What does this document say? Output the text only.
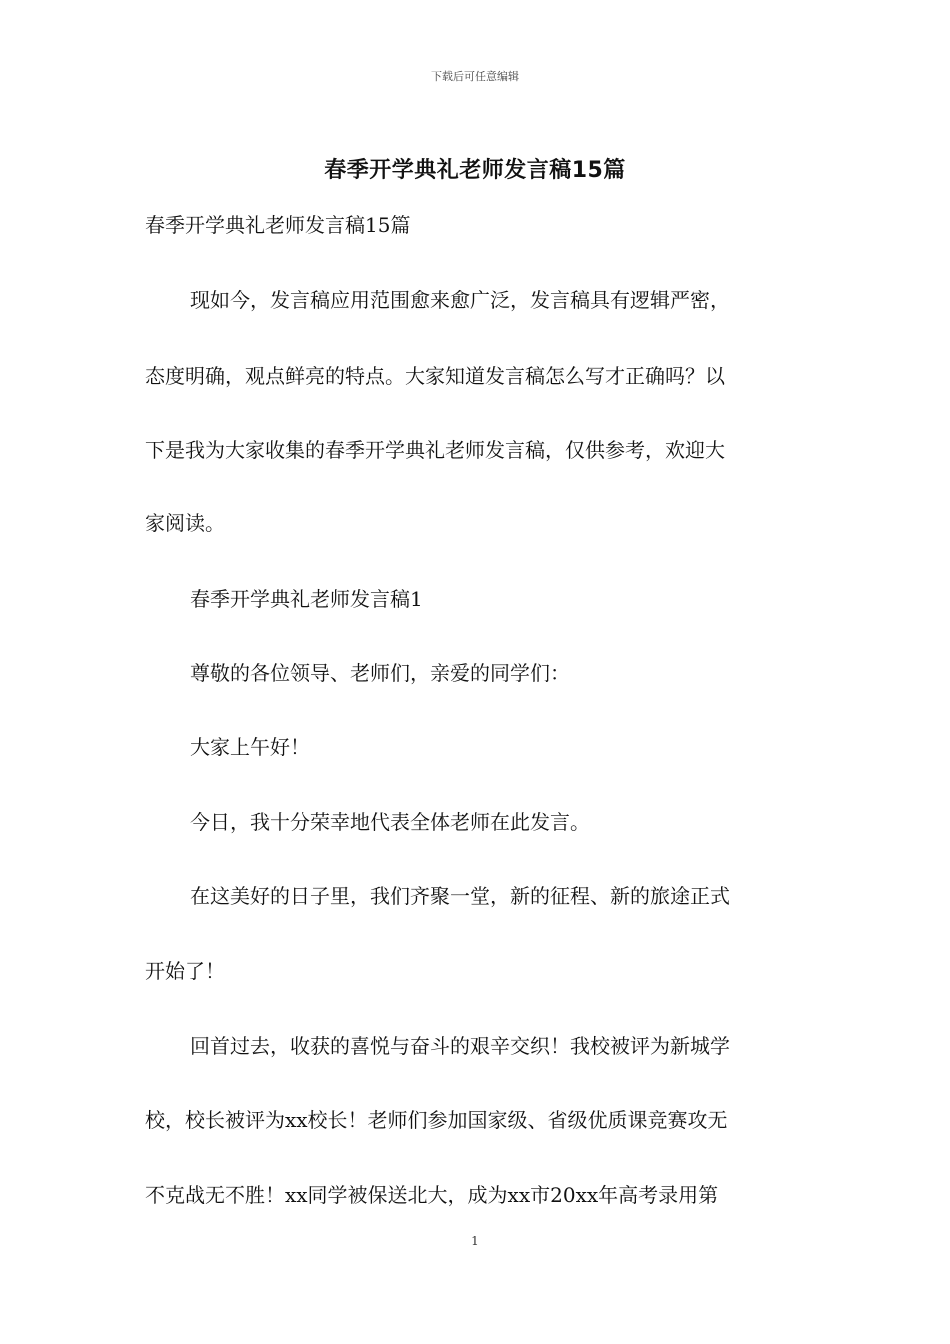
下载后可任意编辑
春季开学典礼老师发言稿15篇
春季开学典礼老师发言稿15篇
现如今，发言稿应用范围愈来愈广泛，发言稿具有逻辑严密，
态度明确，观点鲜亮的特点。大家知道发言稿怎么写才正确吗？以
下是我为大家收集的春季开学典礼老师发言稿，仅供参考，欢迎大
家阅读。
春季开学典礼老师发言稿1
尊敬的各位领导、老师们，亲爱的同学们：
大家上午好！
今日，我十分荣幸地代表全体老师在此发言。
在这美好的日子里，我们齐聚一堂，新的征程、新的旅途正式
开始了！
回首过去，收获的喜悦与奋斗的艰辛交织！我校被评为新城学
校，校长被评为xx校长！老师们参加国家级、省级优质课竞赛攻无
不克战无不胜！xx同学被保送北大，成为xx市20xx年高考录用第
1
